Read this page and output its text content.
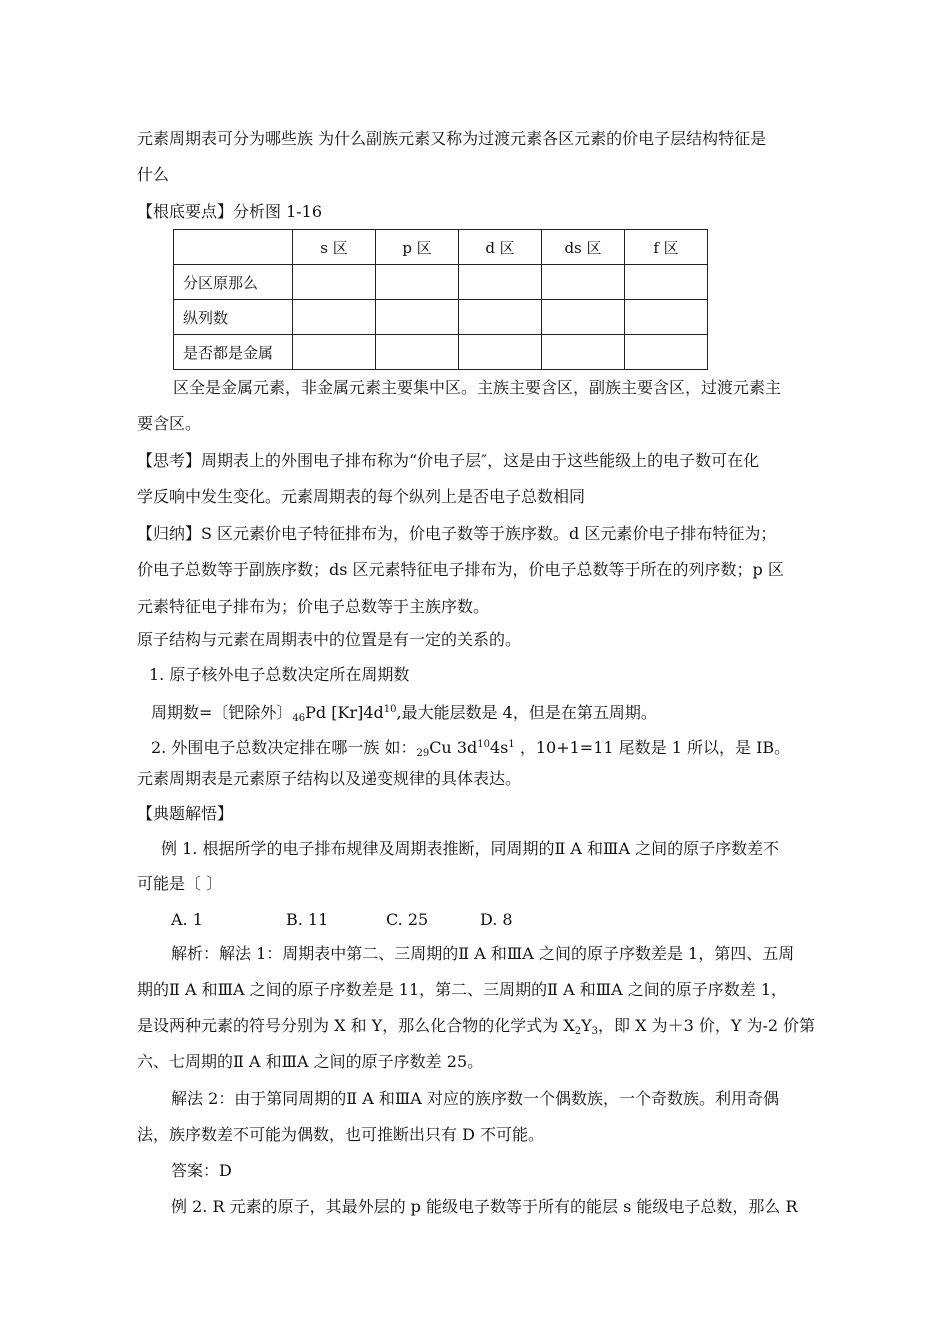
元素周期表可分为哪些族 为什么副族元素又称为过渡元素各区元素的价电子层结构特征是
什么
【根底要点】分析图 1-16
	s 区	p 区	d 区	ds 区	f 区
分区原那么					
纵列数					
是否都是金属					
区全是金属元素，非金属元素主要集中区。主族主要含区，副族主要含区，过渡元素主
要含区。
【思考】周期表上的外围电子排布称为“价电子层″，这是由于这些能级上的电子数可在化
学反响中发生变化。元素周期表的每个纵列上是否电子总数相同
【归纳】S 区元素价电子特征排布为，价电子数等于族序数。d 区元素价电子排布特征为；
价电子总数等于副族序数；ds 区元素特征电子排布为，价电子总数等于所在的列序数；p 区
元素特征电子排布为；价电子总数等于主族序数。
原子结构与元素在周期表中的位置是有一定的关系的。
1. 原子核外电子总数决定所在周期数
周期数=〔钯除外〕$_{46}$Pd $[Kr]4d^{10}$,最大能层数是 4，但是在第五周期。
2. 外围电子总数决定排在哪一族 如：$_{29}$Cu $3d^{10}4s^1$ ，10+1=11 尾数是 1 所以，是 IB。
元素周期表是元素原子结构以及递变规律的具体表达。
【典题解悟】
例 1. 根据所学的电子排布规律及周期表推断，同周期的Ⅱ A 和ⅢA 之间的原子序数差不
可能是〔 〕
A. 1	B. 11	C. 25	D. 8
解析：解法 1：周期表中第二、三周期的Ⅱ A 和ⅢA 之间的原子序数差是 1，第四、五周
期的Ⅱ A 和ⅢA 之间的原子序数差是 11，第二、三周期的Ⅱ A 和ⅢA 之间的原子序数差 1，
是设两种元素的符号分别为 X 和 Y，那么化合物的化学式为 $X_2Y_3$，即 X 为＋3 价，Y 为-2 价第
六、七周期的Ⅱ A 和ⅢA 之间的原子序数差 25。
解法 2：由于第同周期的Ⅱ A 和ⅢA 对应的族序数一个偶数族，一个奇数族。利用奇偶
法，族序数差不可能为偶数，也可推断出只有 D 不可能。
答案：D
例 2. R 元素的原子，其最外层的 p 能级电子数等于所有的能层 s 能级电子总数，那么 R
